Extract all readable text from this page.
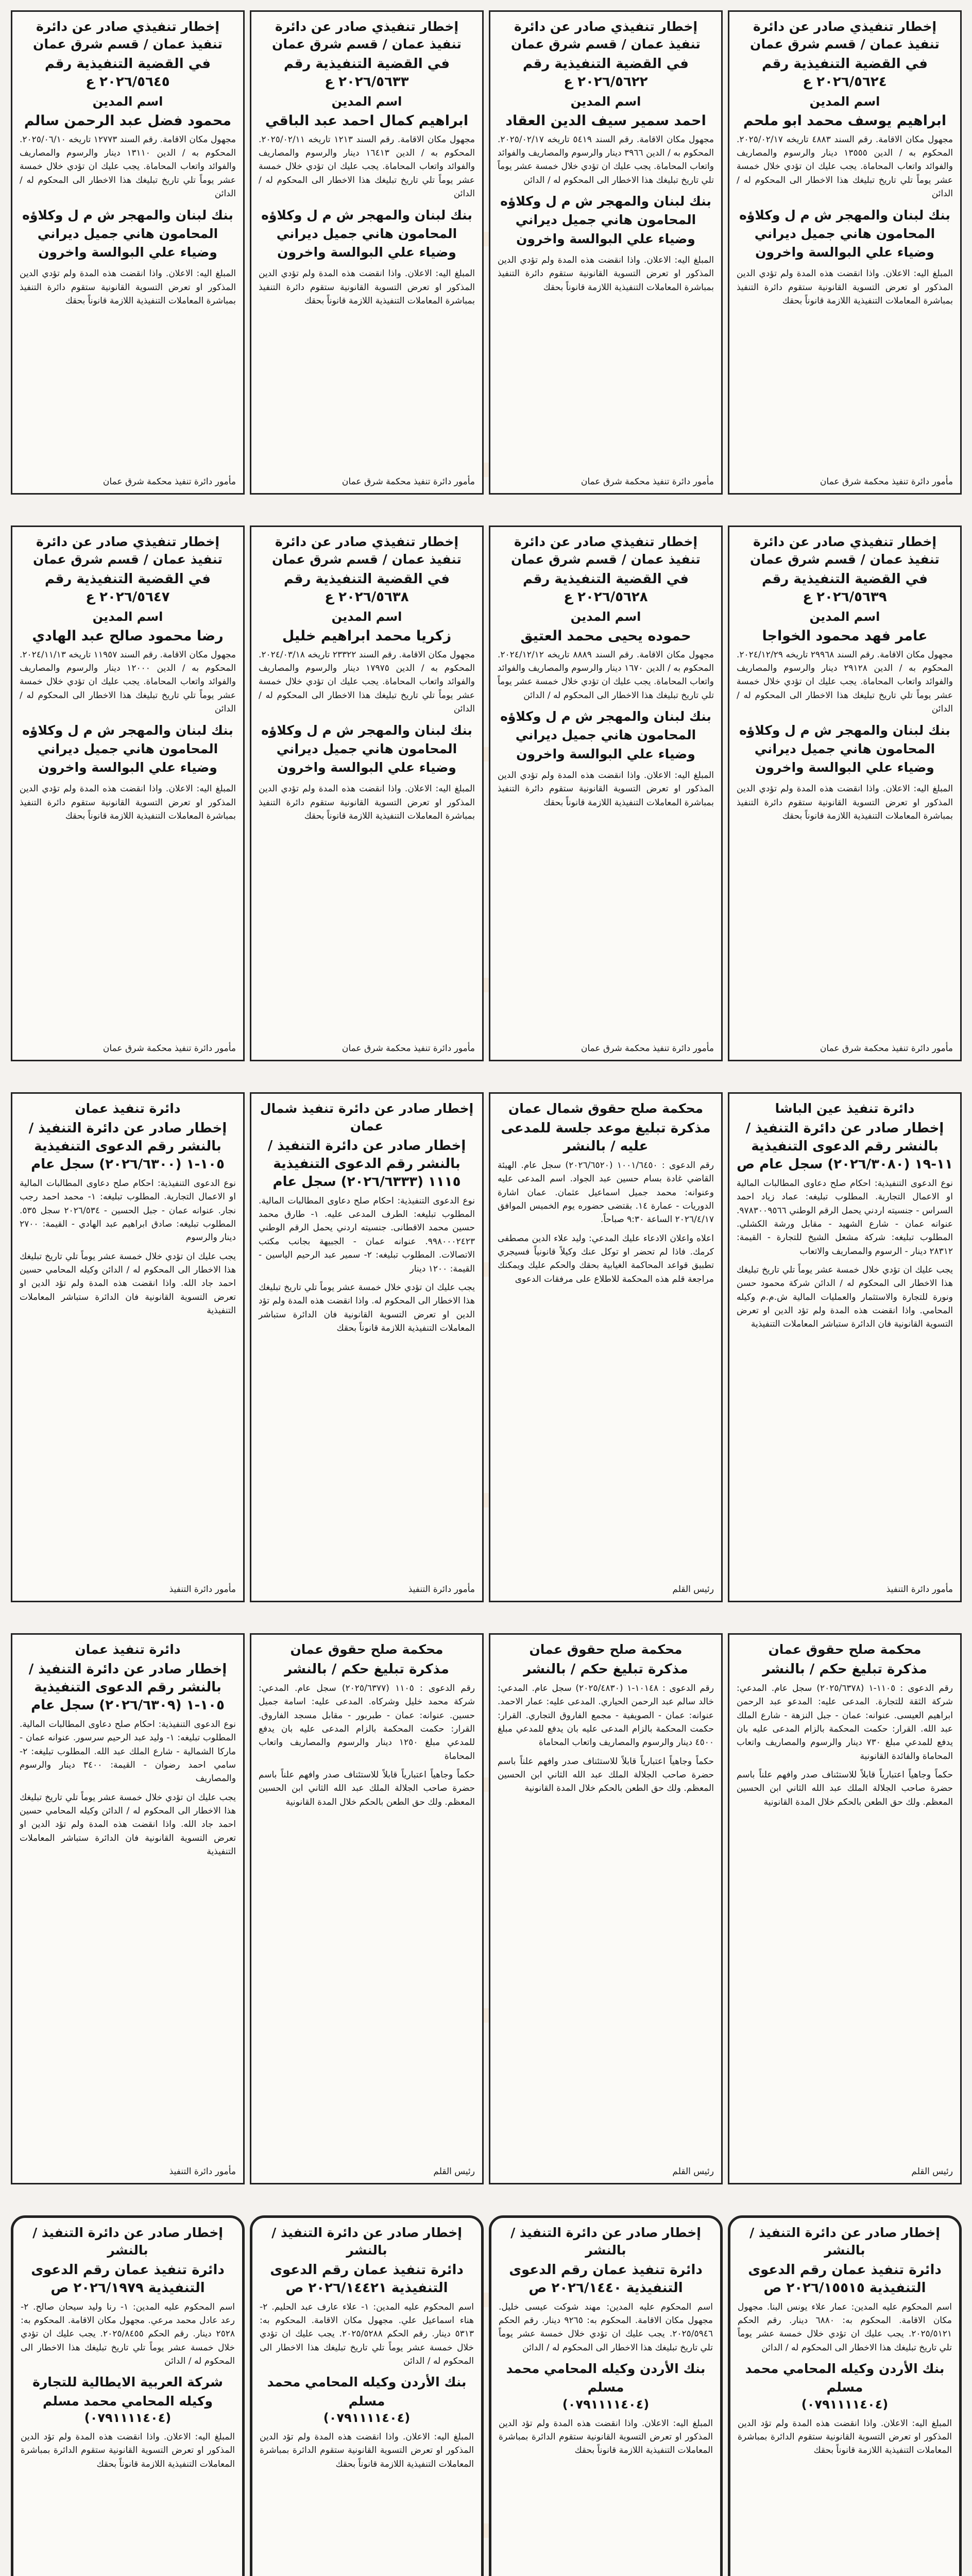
إخطار تنفيذي صادر عن دائرة تنفيذ عمان / قسم شرق عمان
في القضية التنفيذية رقم ٢٠٢٦/٥٦٢٤ ع
اسم المدين
ابراهيم يوسف محمد ابو ملحم
مجهول مكان الاقامة. رقم السند ٤٨٨٣ تاريخه ٢٠٢٥/٠٢/١٧. المحكوم به / الدين ١٣٥٥٥ دينار والرسوم والمصاريف والفوائد واتعاب المحاماة. يجب عليك ان تؤدي خلال خمسة عشر يوماً تلي تاريخ تبليغك هذا الاخطار الى المحكوم له / الدائن
بنك لبنان والمهجر ش م ل وكلاؤه المحامون هاني جميل ديراني وضياء علي البوالسة واخرون
المبلغ اليه: الاعلان. واذا انقضت هذه المدة ولم تؤدي الدين المذكور او تعرض التسوية القانونية ستقوم دائرة التنفيذ بمباشرة المعاملات التنفيذية اللازمة قانوناً بحقك
مأمور دائرة تنفيذ محكمة شرق عمان
إخطار تنفيذي صادر عن دائرة تنفيذ عمان / قسم شرق عمان
في القضية التنفيذية رقم ٢٠٢٦/٥٦٢٢ ع
اسم المدين
احمد سمير سيف الدين العقاد
مجهول مكان الاقامة. رقم السند ٥٤١٩ تاريخه ٢٠٢٥/٠٢/١٧. المحكوم به / الدين ٣٩٦٦ دينار والرسوم والمصاريف والفوائد واتعاب المحاماة. يجب عليك ان تؤدي خلال خمسة عشر يوماً تلي تاريخ تبليغك هذا الاخطار الى المحكوم له / الدائن
بنك لبنان والمهجر ش م ل وكلاؤه المحامون هاني جميل ديراني وضياء علي البوالسة واخرون
المبلغ اليه: الاعلان. واذا انقضت هذه المدة ولم تؤدي الدين المذكور او تعرض التسوية القانونية ستقوم دائرة التنفيذ بمباشرة المعاملات التنفيذية اللازمة قانوناً بحقك
مأمور دائرة تنفيذ محكمة شرق عمان
إخطار تنفيذي صادر عن دائرة تنفيذ عمان / قسم شرق عمان
في القضية التنفيذية رقم ٢٠٢٦/٥٦٣٣ ع
اسم المدين
ابراهيم كمال احمد عبد الباقي
مجهول مكان الاقامة. رقم السند ١٢١٣ تاريخه ٢٠٢٥/٠٢/١١. المحكوم به / الدين ١٦٤١٣ دينار والرسوم والمصاريف والفوائد واتعاب المحاماة. يجب عليك ان تؤدي خلال خمسة عشر يوماً تلي تاريخ تبليغك هذا الاخطار الى المحكوم له / الدائن
بنك لبنان والمهجر ش م ل وكلاؤه المحامون هاني جميل ديراني وضياء علي البوالسة واخرون
المبلغ اليه: الاعلان. واذا انقضت هذه المدة ولم تؤدي الدين المذكور او تعرض التسوية القانونية ستقوم دائرة التنفيذ بمباشرة المعاملات التنفيذية اللازمة قانوناً بحقك
مأمور دائرة تنفيذ محكمة شرق عمان
إخطار تنفيذي صادر عن دائرة تنفيذ عمان / قسم شرق عمان
في القضية التنفيذية رقم ٢٠٢٦/٥٦٤٥ ع
اسم المدين
محمود فضل عبد الرحمن سالم
مجهول مكان الاقامة. رقم السند ١٢٧٧٣ تاريخه ٢٠٢٥/٠٦/١٠. المحكوم به / الدين ١٣١١٠ دينار والرسوم والمصاريف والفوائد واتعاب المحاماة. يجب عليك ان تؤدي خلال خمسة عشر يوماً تلي تاريخ تبليغك هذا الاخطار الى المحكوم له / الدائن
بنك لبنان والمهجر ش م ل وكلاؤه المحامون هاني جميل ديراني وضياء علي البوالسة واخرون
المبلغ اليه: الاعلان. واذا انقضت هذه المدة ولم تؤدي الدين المذكور او تعرض التسوية القانونية ستقوم دائرة التنفيذ بمباشرة المعاملات التنفيذية اللازمة قانوناً بحقك
مأمور دائرة تنفيذ محكمة شرق عمان
إخطار تنفيذي صادر عن دائرة تنفيذ عمان / قسم شرق عمان
في القضية التنفيذية رقم ٢٠٢٦/٥٦٣٩ ع
اسم المدين
عامر فهد محمود الخواجا
مجهول مكان الاقامة. رقم السند ٢٩٩٦٨ تاريخه ٢٠٢٤/١٢/٢٩. المحكوم به / الدين ٢٩١٢٨ دينار والرسوم والمصاريف والفوائد واتعاب المحاماة. يجب عليك ان تؤدي خلال خمسة عشر يوماً تلي تاريخ تبليغك هذا الاخطار الى المحكوم له / الدائن
بنك لبنان والمهجر ش م ل وكلاؤه المحامون هاني جميل ديراني وضياء علي البوالسة واخرون
المبلغ اليه: الاعلان. واذا انقضت هذه المدة ولم تؤدي الدين المذكور او تعرض التسوية القانونية ستقوم دائرة التنفيذ بمباشرة المعاملات التنفيذية اللازمة قانوناً بحقك
مأمور دائرة تنفيذ محكمة شرق عمان
إخطار تنفيذي صادر عن دائرة تنفيذ عمان / قسم شرق عمان
في القضية التنفيذية رقم ٢٠٢٦/٥٦٢٨ ع
اسم المدين
حموده يحيى محمد العتيق
مجهول مكان الاقامة. رقم السند ٨٨٨٩ تاريخه ٢٠٢٤/١٢/١٢. المحكوم به / الدين ١٦٧٠ دينار والرسوم والمصاريف والفوائد واتعاب المحاماة. يجب عليك ان تؤدي خلال خمسة عشر يوماً تلي تاريخ تبليغك هذا الاخطار الى المحكوم له / الدائن
بنك لبنان والمهجر ش م ل وكلاؤه المحامون هاني جميل ديراني وضياء علي البوالسة واخرون
المبلغ اليه: الاعلان. واذا انقضت هذه المدة ولم تؤدي الدين المذكور او تعرض التسوية القانونية ستقوم دائرة التنفيذ بمباشرة المعاملات التنفيذية اللازمة قانوناً بحقك
مأمور دائرة تنفيذ محكمة شرق عمان
إخطار تنفيذي صادر عن دائرة تنفيذ عمان / قسم شرق عمان
في القضية التنفيذية رقم ٢٠٢٦/٥٦٣٨ ع
اسم المدين
زكريا محمد ابراهيم خليل
مجهول مكان الاقامة. رقم السند ٢٣٣٢٢ تاريخه ٢٠٢٤/٠٣/١٨. المحكوم به / الدين ١٧٩٧٥ دينار والرسوم والمصاريف والفوائد واتعاب المحاماة. يجب عليك ان تؤدي خلال خمسة عشر يوماً تلي تاريخ تبليغك هذا الاخطار الى المحكوم له / الدائن
بنك لبنان والمهجر ش م ل وكلاؤه المحامون هاني جميل ديراني وضياء علي البوالسة واخرون
المبلغ اليه: الاعلان. واذا انقضت هذه المدة ولم تؤدي الدين المذكور او تعرض التسوية القانونية ستقوم دائرة التنفيذ بمباشرة المعاملات التنفيذية اللازمة قانوناً بحقك
مأمور دائرة تنفيذ محكمة شرق عمان
إخطار تنفيذي صادر عن دائرة تنفيذ عمان / قسم شرق عمان
في القضية التنفيذية رقم ٢٠٢٦/٥٦٤٧ ع
اسم المدين
رضا محمود صالح عبد الهادي
مجهول مكان الاقامة. رقم السند ١١٩٥٧ تاريخه ٢٠٢٤/١١/١٣. المحكوم به / الدين ١٢٠٠٠ دينار والرسوم والمصاريف والفوائد واتعاب المحاماة. يجب عليك ان تؤدي خلال خمسة عشر يوماً تلي تاريخ تبليغك هذا الاخطار الى المحكوم له / الدائن
بنك لبنان والمهجر ش م ل وكلاؤه المحامون هاني جميل ديراني وضياء علي البوالسة واخرون
المبلغ اليه: الاعلان. واذا انقضت هذه المدة ولم تؤدي الدين المذكور او تعرض التسوية القانونية ستقوم دائرة التنفيذ بمباشرة المعاملات التنفيذية اللازمة قانوناً بحقك
مأمور دائرة تنفيذ محكمة شرق عمان
دائرة تنفيذ عين الباشا
إخطار صادر عن دائرة التنفيذ / بالنشر رقم الدعوى التنفيذية ١١-١٩ (٢٠٢٦/٣٠٨٠) سجل عام ص
نوع الدعوى التنفيذية: احكام صلح دعاوى المطالبات المالية او الاعمال التجارية. المطلوب تبليغه: عماد زياد احمد السراس - جنسيته اردني يحمل الرقم الوطني ٩٧٨٣٠٠٩٥٦٦. عنوانه عمان - شارع الشهيد - مقابل ورشة الكشلي. المطلوب تبليغه: شركة مشعل الشيخ للتجارة - القيمة: ٢٨٣١٢ دينار - الرسوم والمصاريف والاتعاب
يجب عليك ان تؤدي خلال خمسة عشر يوماً تلي تاريخ تبليغك هذا الاخطار الى المحكوم له / الدائن شركة محمود حسن ونورة للتجارة والاستثمار والعمليات المالية ش.م.م وكيله المحامي. واذا انقضت هذه المدة ولم تؤد الدين او تعرض التسوية القانونية فان الدائرة ستباشر المعاملات التنفيذية
مأمور دائرة التنفيذ
محكمة صلح حقوق شمال عمان
مذكرة تبليغ موعد جلسة للمدعى عليه / بالنشر
رقم الدعوى : ١٠٠١/٦٤٥٠ (٢٠٢٦/٦٥٢٠) سجل عام. الهيئة القاضي غادة بسام حسين عبد الجواد. اسم المدعى عليه وعنوانه: محمد جميل اسماعيل عثمان. عمان اشارة الدوريات - عمارة ١٤. بقتضى حضوره يوم الخميس الموافق ٢٠٢٦/٤/١٧ الساعة ٩:٣٠ صباحاً.
اعلاه واعلان الادعاء عليك المدعي: وليد علاء الدين مصطفى كرمك. فاذا لم تحضر او توكل عنك وكيلاً قانونياً فسيجري تطبيق قواعد المحاكمة الغيابية بحقك والحكم عليك ويمكنك مراجعة قلم هذه المحكمة للاطلاع على مرفقات الدعوى
رئيس القلم
إخطار صادر عن دائرة تنفيذ شمال عمان
إخطار صادر عن دائرة التنفيذ / بالنشر رقم الدعوى التنفيذية ١١١٥ (٢٠٢٦/٦٣٣٣) سجل عام
نوع الدعوى التنفيذية: احكام صلح دعاوى المطالبات المالية. المطلوب تبليغه: الطرف المدعى عليه. ١- طارق محمد حسين محمد الاقطانى. جنسيته اردني يحمل الرقم الوطني ٩٩٨٠٠٠٢٤٢٣. عنوانه عمان - الجبيهة بجانب مكتب الاتصالات. المطلوب تبليغه: ٢- سمير عبد الرحيم الياسين - القيمة: ١٢٠٠ دينار
يجب عليك ان تؤدي خلال خمسة عشر يوماً تلي تاريخ تبليغك هذا الاخطار الى المحكوم له. واذا انقضت هذه المدة ولم تؤد الدين او تعرض التسوية القانونية فان الدائرة ستباشر المعاملات التنفيذية اللازمة قانوناً بحقك
مأمور دائرة التنفيذ
دائرة تنفيذ عمان
إخطار صادر عن دائرة التنفيذ / بالنشر رقم الدعوى التنفيذية ١٠٥-١ (٢٠٢٦/٦٣٠٠) سجل عام
نوع الدعوى التنفيذية: احكام صلح دعاوى المطالبات المالية او الاعمال التجارية. المطلوب تبليغه: ١- محمد احمد رجب نجار. عنوانه عمان - جبل الحسين - ٢٠٢٦/٥٣٤ سجل ٥٣٥. المطلوب تبليغه: صادق ابراهيم عبد الهادي - القيمة: ٢٧٠٠ دينار والرسوم
يجب عليك ان تؤدي خلال خمسة عشر يوماً تلي تاريخ تبليغك هذا الاخطار الى المحكوم له / الدائن وكيله المحامي حسين احمد جاد الله. واذا انقضت هذه المدة ولم تؤد الدين او تعرض التسوية القانونية فان الدائرة ستباشر المعاملات التنفيذية
مأمور دائرة التنفيذ
محكمة صلح حقوق عمان
مذكرة تبليغ حكم / بالنشر
رقم الدعوى : ١١٠٥-١ (٢٠٢٥/٦٣٧٨) سجل عام. المدعي: شركة الثقة للتجارة. المدعى عليه: المدعو عبد الرحمن ابراهيم العيسى. عنوانه: عمان - جبل النزهة - شارع الملك عبد الله. القرار: حكمت المحكمة بالزام المدعى عليه بان يدفع للمدعي مبلغ ٧٣٠ دينار والرسوم والمصاريف واتعاب المحاماة والفائدة القانونية
حكماً وجاهياً اعتبارياً قابلاً للاستئناف صدر وافهم علناً باسم حضرة صاحب الجلالة الملك عبد الله الثاني ابن الحسين المعظم. ولك حق الطعن بالحكم خلال المدة القانونية
رئيس القلم
محكمة صلح حقوق عمان
مذكرة تبليغ حكم / بالنشر
رقم الدعوى : ١٠١٤٨-١ (٢٠٢٥/٤٨٣٠) سجل عام. المدعي: خالد سالم عبد الرحمن الحياري. المدعى عليه: عمار الاحمد. عنوانه: عمان - الصويفية - مجمع الفاروق التجاري. القرار: حكمت المحكمة بالزام المدعى عليه بان يدفع للمدعي مبلغ ٤٥٠٠ دينار والرسوم والمصاريف واتعاب المحاماة
حكماً وجاهياً اعتبارياً قابلاً للاستئناف صدر وافهم علناً باسم حضرة صاحب الجلالة الملك عبد الله الثاني ابن الحسين المعظم. ولك حق الطعن بالحكم خلال المدة القانونية
رئيس القلم
محكمة صلح حقوق عمان
مذكرة تبليغ حكم / بالنشر
رقم الدعوى : ١١٠٥ (٢٠٢٥/٦٣٧٧) سجل عام. المدعي: شركة محمد خليل وشركاه. المدعى عليه: اسامة جميل حسين. عنوانه: عمان - طبربور - مقابل مسجد الفاروق. القرار: حكمت المحكمة بالزام المدعى عليه بان يدفع للمدعي مبلغ ١٢٥٠ دينار والرسوم والمصاريف واتعاب المحاماة
حكماً وجاهياً اعتبارياً قابلاً للاستئناف صدر وافهم علناً باسم حضرة صاحب الجلالة الملك عبد الله الثاني ابن الحسين المعظم. ولك حق الطعن بالحكم خلال المدة القانونية
رئيس القلم
دائرة تنفيذ عمان
إخطار صادر عن دائرة التنفيذ / بالنشر رقم الدعوى التنفيذية ١٠٥-١ (٢٠٢٦/٦٣٠٩) سجل عام
نوع الدعوى التنفيذية: احكام صلح دعاوى المطالبات المالية. المطلوب تبليغه: ١- وليد عبد الرحيم سرسور. عنوانه عمان - ماركا الشمالية - شارع الملك عبد الله. المطلوب تبليغه: ٢- سامي احمد رضوان - القيمة: ٣٤٠٠ دينار والرسوم والمصاريف
يجب عليك ان تؤدي خلال خمسة عشر يوماً تلي تاريخ تبليغك هذا الاخطار الى المحكوم له / الدائن وكيله المحامي حسين احمد جاد الله. واذا انقضت هذه المدة ولم تؤد الدين او تعرض التسوية القانونية فان الدائرة ستباشر المعاملات التنفيذية
مأمور دائرة التنفيذ
إخطار صادر عن دائرة التنفيذ / بالنشر
دائرة تنفيذ عمان رقم الدعوى التنفيذية ٢٠٢٦/١٥٥١٥ ص
اسم المحكوم عليه المدين: عمار علاء يونس البنا. مجهول مكان الاقامة. المحكوم به: ٦٨٨٠ دينار. رقم الحكم ٢٠٢٥/٥١٢١. يجب عليك ان تؤدي خلال خمسة عشر يوماً تلي تاريخ تبليغك هذا الاخطار الى المحكوم له / الدائن
بنك الأردن وكيله المحامي محمد مسلم
(٠٧٩١١١١٤٠٤)
المبلغ اليه: الاعلان. واذا انقضت هذه المدة ولم تؤد الدين المذكور او تعرض التسوية القانونية ستقوم الدائرة بمباشرة المعاملات التنفيذية اللازمة قانوناً بحقك
إخطار صادر عن دائرة التنفيذ / بالنشر
دائرة تنفيذ عمان رقم الدعوى التنفيذية ٢٠٢٦/١٤٤٠ ص
اسم المحكوم عليه المدين: مهند شوكت عيسى خليل. مجهول مكان الاقامة. المحكوم به: ٩٢٦٥ دينار. رقم الحكم ٢٠٢٥/٥٩٤٦. يجب عليك ان تؤدي خلال خمسة عشر يوماً تلي تاريخ تبليغك هذا الاخطار الى المحكوم له / الدائن
بنك الأردن وكيله المحامي محمد مسلم
(٠٧٩١١١١٤٠٤)
المبلغ اليه: الاعلان. واذا انقضت هذه المدة ولم تؤد الدين المذكور او تعرض التسوية القانونية ستقوم الدائرة بمباشرة المعاملات التنفيذية اللازمة قانوناً بحقك
إخطار صادر عن دائرة التنفيذ / بالنشر
دائرة تنفيذ عمان رقم الدعوى التنفيذية ٢٠٢٦/١٤٤٢١ ص
اسم المحكوم عليه المدين: ١- علاء عارف عبد الحليم. ٢- هناء اسماعيل علي. مجهول مكان الاقامة. المحكوم به: ٥٣١٣ دينار. رقم الحكم ٢٠٢٥/٥٢٨٨. يجب عليك ان تؤدي خلال خمسة عشر يوماً تلي تاريخ تبليغك هذا الاخطار الى المحكوم له / الدائن
بنك الأردن وكيله المحامي محمد مسلم
(٠٧٩١١١١٤٠٤)
المبلغ اليه: الاعلان. واذا انقضت هذه المدة ولم تؤد الدين المذكور او تعرض التسوية القانونية ستقوم الدائرة بمباشرة المعاملات التنفيذية اللازمة قانوناً بحقك
إخطار صادر عن دائرة التنفيذ / بالنشر
دائرة تنفيذ عمان رقم الدعوى التنفيذية ٢٠٢٦/١٩٧٩ ص
اسم المحكوم عليه المدين: ١- رنا وليد سيحان صالح. ٢- رعد عادل محمد مرعي. مجهول مكان الاقامة. المحكوم به: ٢٥٢٨ دينار. رقم الحكم ٢٠٢٥/٨٤٥٥. يجب عليك ان تؤدي خلال خمسة عشر يوماً تلي تاريخ تبليغك هذا الاخطار الى المحكوم له / الدائن
شركة العربية الايطالية للتجارة وكيله المحامي محمد مسلم
(٠٧٩١١١١٤٠٤)
المبلغ اليه: الاعلان. واذا انقضت هذه المدة ولم تؤد الدين المذكور او تعرض التسوية القانونية ستقوم الدائرة بمباشرة المعاملات التنفيذية اللازمة قانوناً بحقك
